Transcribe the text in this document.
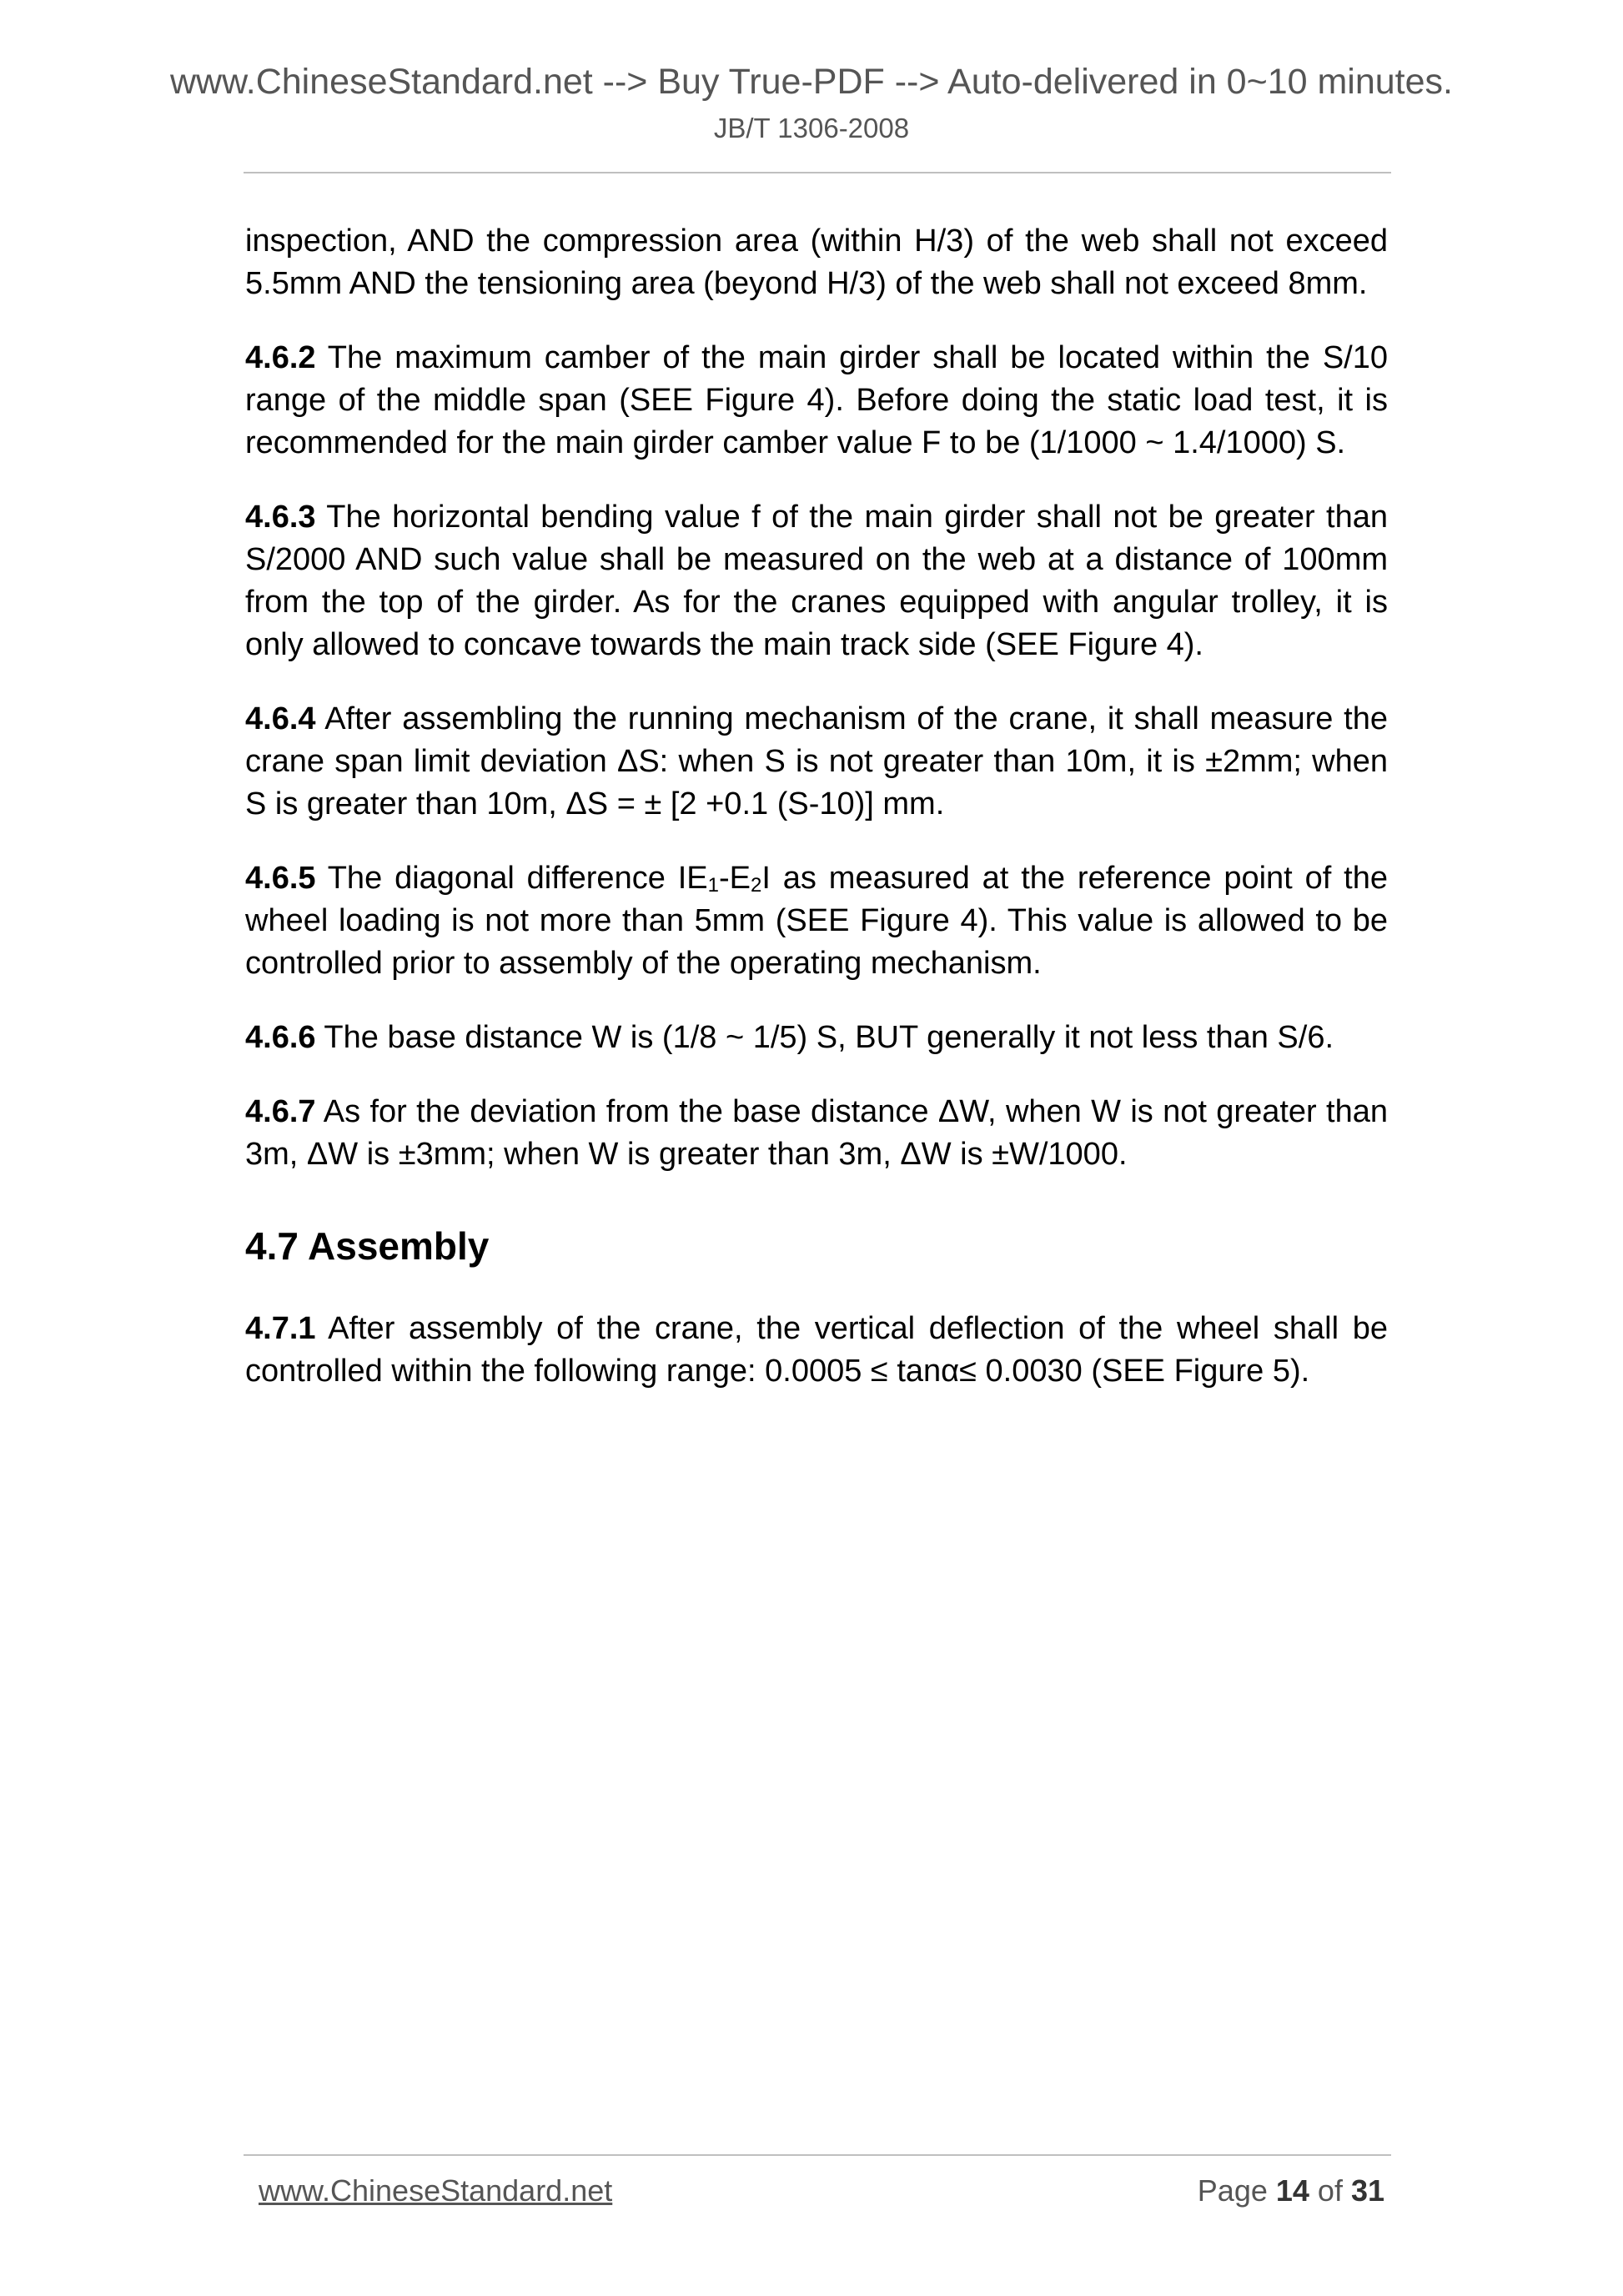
www.ChineseStandard.net --> Buy True-PDF --> Auto-delivered in 0~10 minutes.

JB/T 1306-2008

inspection, AND the compression area (within H/3) of the web shall not exceed 5.5mm AND the tensioning area (beyond H/3) of the web shall not exceed 8mm.

4.6.2 The maximum camber of the main girder shall be located within the S/10 range of the middle span (SEE Figure 4). Before doing the static load test, it is recommended for the main girder camber value F to be (1/1000 ~ 1.4/1000) S.

4.6.3 The horizontal bending value f of the main girder shall not be greater than S/2000 AND such value shall be measured on the web at a distance of 100mm from the top of the girder. As for the cranes equipped with angular trolley, it is only allowed to concave towards the main track side (SEE Figure 4).

4.6.4 After assembling the running mechanism of the crane, it shall measure the crane span limit deviation ΔS: when S is not greater than 10m, it is ±2mm; when S is greater than 10m, ΔS = ± [2 +0.1 (S-10)] mm.

4.6.5 The diagonal difference $IE_1-E_2I$ as measured at the reference point of the wheel loading is not more than 5mm (SEE Figure 4). This value is allowed to be controlled prior to assembly of the operating mechanism.

4.6.6 The base distance W is (1/8 ~ 1/5) S, BUT generally it not less than S/6.

4.6.7 As for the deviation from the base distance ΔW, when W is not greater than 3m, ΔW is ±3mm; when W is greater than 3m, ΔW is ±W/1000.

4.7 Assembly

4.7.1 After assembly of the crane, the vertical deflection of the wheel shall be controlled within the following range: 0.0005 ≤ tanα≤ 0.0030 (SEE Figure 5).

www.ChineseStandard.net	Page 14 of 31
